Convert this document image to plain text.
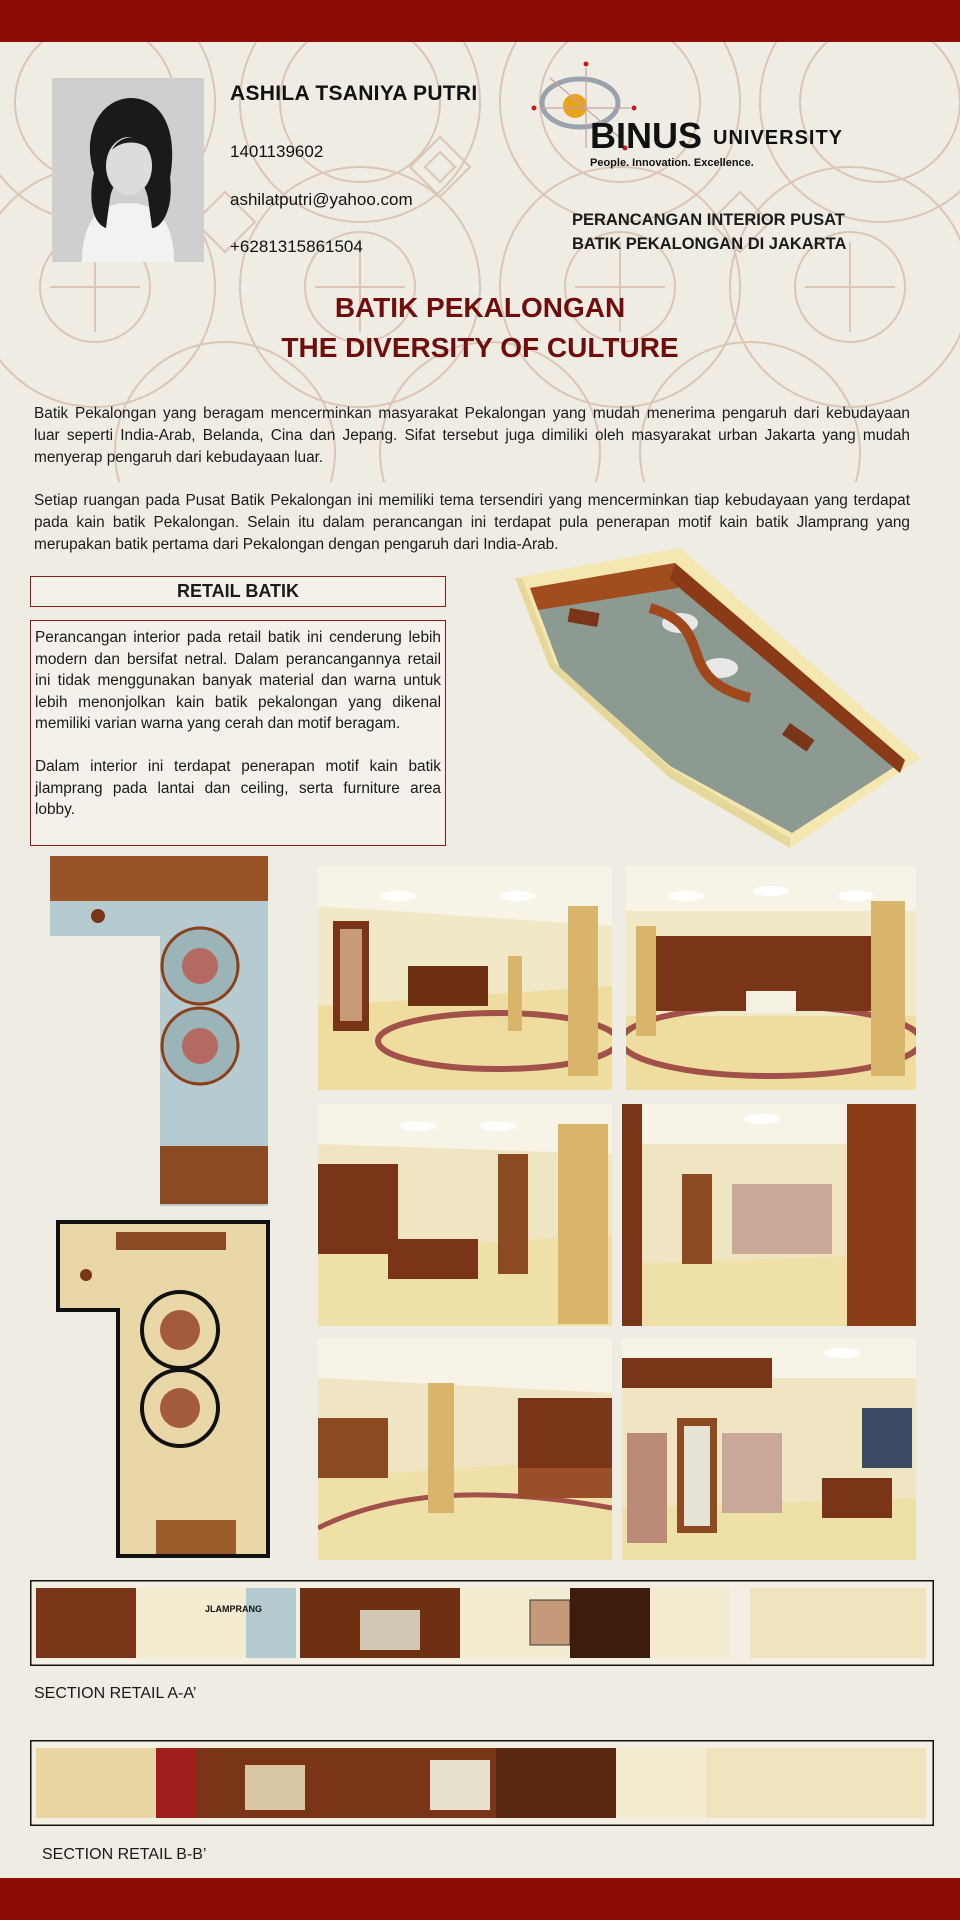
ASHILA TSANIYA PUTRI
1401139602
ashilatputri@yahoo.com
+6281315861504
BINUS UNIVERSITY
People. Innovation. Excellence.
PERANCANGAN INTERIOR PUSAT
BATIK PEKALONGAN DI JAKARTA
BATIK PEKALONGAN
THE DIVERSITY OF CULTURE

Batik Pekalongan yang beragam mencerminkan masyarakat Pekalongan yang mudah menerima pengaruh dari kebudayaan luar seperti India-Arab, Belanda, Cina dan Jepang. Sifat tersebut juga dimiliki oleh masyarakat urban Jakarta yang mudah menyerap pengaruh dari kebudayaan luar.

Setiap ruangan pada Pusat Batik Pekalongan ini memiliki tema tersendiri yang mencerminkan tiap kebudayaan yang terdapat pada kain batik Pekalongan. Selain itu dalam perancangan ini terdapat pula penerapan motif kain batik Jlamprang yang merupakan batik pertama dari Pekalongan dengan pengaruh dari India-Arab.

RETAIL BATIK

Perancangan interior pada retail batik ini cenderung lebih modern dan bersifat netral. Dalam perancangannya retail ini tidak menggunakan banyak material dan warna untuk lebih menonjolkan kain batik pekalongan yang dikenal memiliki varian warna yang cerah dan motif beragam.

Dalam interior ini terdapat penerapan motif kain batik jlamprang pada lantai dan ceiling, serta furniture area lobby.

JLAMPRANG
SECTION RETAIL A-A’
SECTION RETAIL B-B’
